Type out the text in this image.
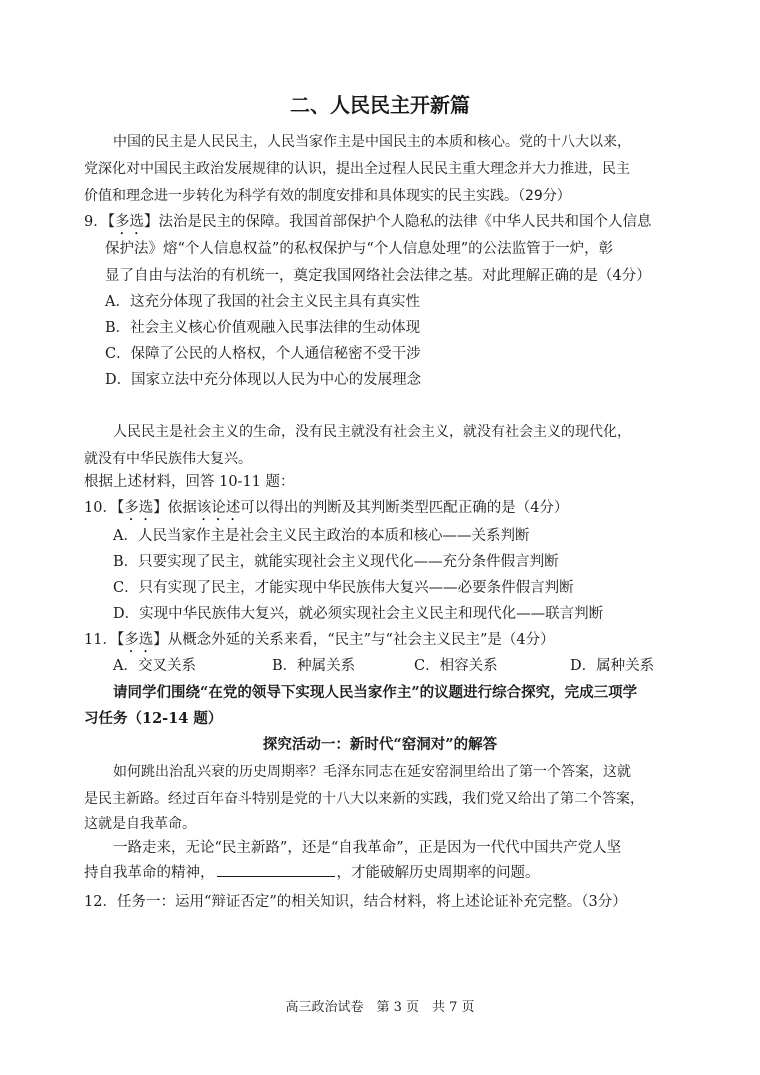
二、人民民主开新篇
中国的民主是人民民主，人民当家作主是中国民主的本质和核心。党的十八大以来，
党深化对中国民主政治发展规律的认识，提出全过程人民民主重大理念并大力推进，民主
价值和理念进一步转化为科学有效的制度安排和具体现实的民主实践。（29分）
9．【多选】法治是民主的保障。我国首部保护个人隐私的法律《中华人民共和国个人信息
保护法》熔“个人信息权益”的私权保护与“个人信息处理”的公法监管于一炉，彰
显了自由与法治的有机统一，奠定我国网络社会法律之基。对此理解正确的是（4分）
A．这充分体现了我国的社会主义民主具有真实性
B．社会主义核心价值观融入民事法律的生动体现
C．保障了公民的人格权，个人通信秘密不受干涉
D．国家立法中充分体现以人民为中心的发展理念
人民民主是社会主义的生命，没有民主就没有社会主义，就没有社会主义的现代化，
就没有中华民族伟大复兴。
根据上述材料，回答 10-11 题：
10．【多选】依据该论述可以得出的判断及其判断类型匹配正确的是（4分）
A．人民当家作主是社会主义民主政治的本质和核心——关系判断
B．只要实现了民主，就能实现社会主义现代化——充分条件假言判断
C．只有实现了民主，才能实现中华民族伟大复兴——必要条件假言判断
D．实现中华民族伟大复兴，就必须实现社会主义民主和现代化——联言判断
11．【多选】从概念外延的关系来看，“民主”与“社会主义民主”是（4分）
A．交叉关系	B．种属关系	C．相容关系	D．属种关系
请同学们围绕“在党的领导下实现人民当家作主”的议题进行综合探究，完成三项学
习任务（12-14 题）
探究活动一：新时代“窑洞对”的解答
如何跳出治乱兴衰的历史周期率？毛泽东同志在延安窑洞里给出了第一个答案，这就
是民主新路。经过百年奋斗特别是党的十八大以来新的实践，我们党又给出了第二个答案，
这就是自我革命。
一路走来，无论“民主新路”，还是“自我革命”，正是因为一代代中国共产党人坚
持自我革命的精神，	，才能破解历史周期率的问题。
12．任务一：运用“辩证否定”的相关知识，结合材料，将上述论证补充完整。（3分）
高三政治试卷　第 3 页　共 7 页
